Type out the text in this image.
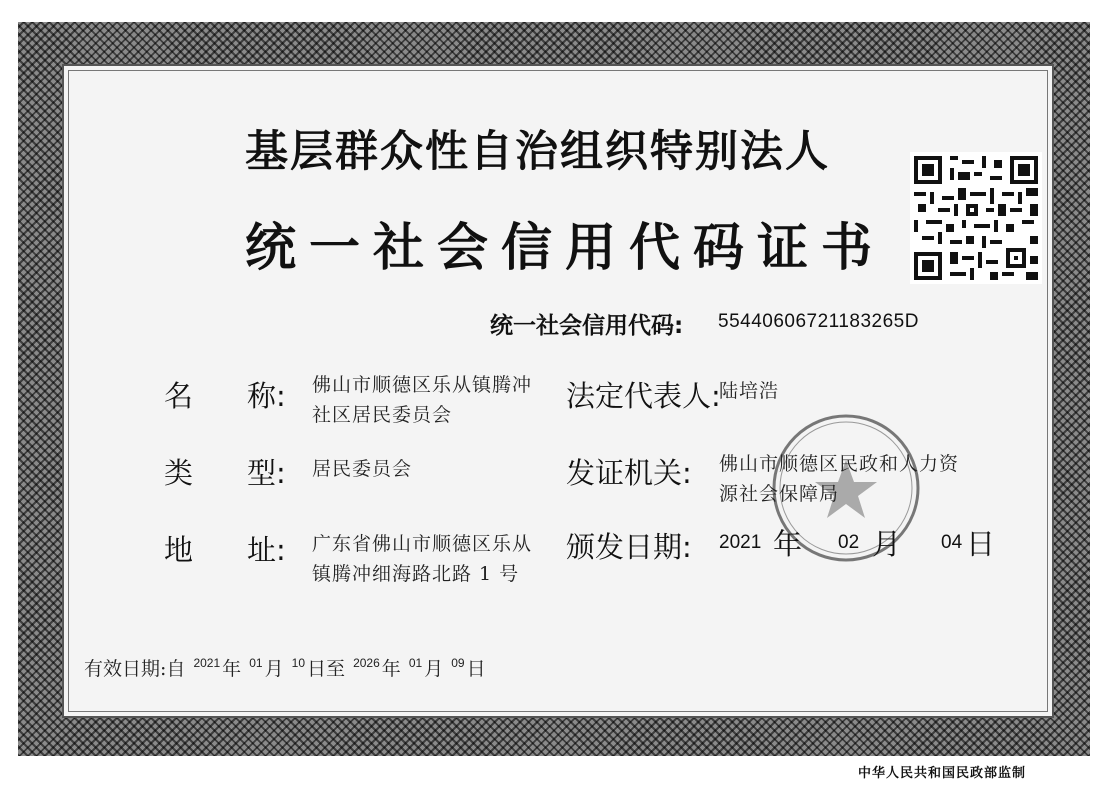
基层群众性自治组织特别法人
统一社会信用代码证书
统一社会信用代码: 55440606721183265D
名 称: 佛山市顺德区乐从镇腾冲
社区居民委员会
类 型: 居民委员会
地 址: 广东省佛山市顺德区乐从
镇腾冲细海路北路 1 号
法定代表人:
陆培浩
发证机关: 佛山市顺德区民政和人力资
源社会保障局
颁发日期: 2021 年 02 月 04 日
有效日期:自 $^{2021}$ 年 $^{01}$ 月 $^{10}$ 日至 $^{2026}$ 年 $^{01}$ 月 $^{09}$ 日
中华人民共和国民政部监制
